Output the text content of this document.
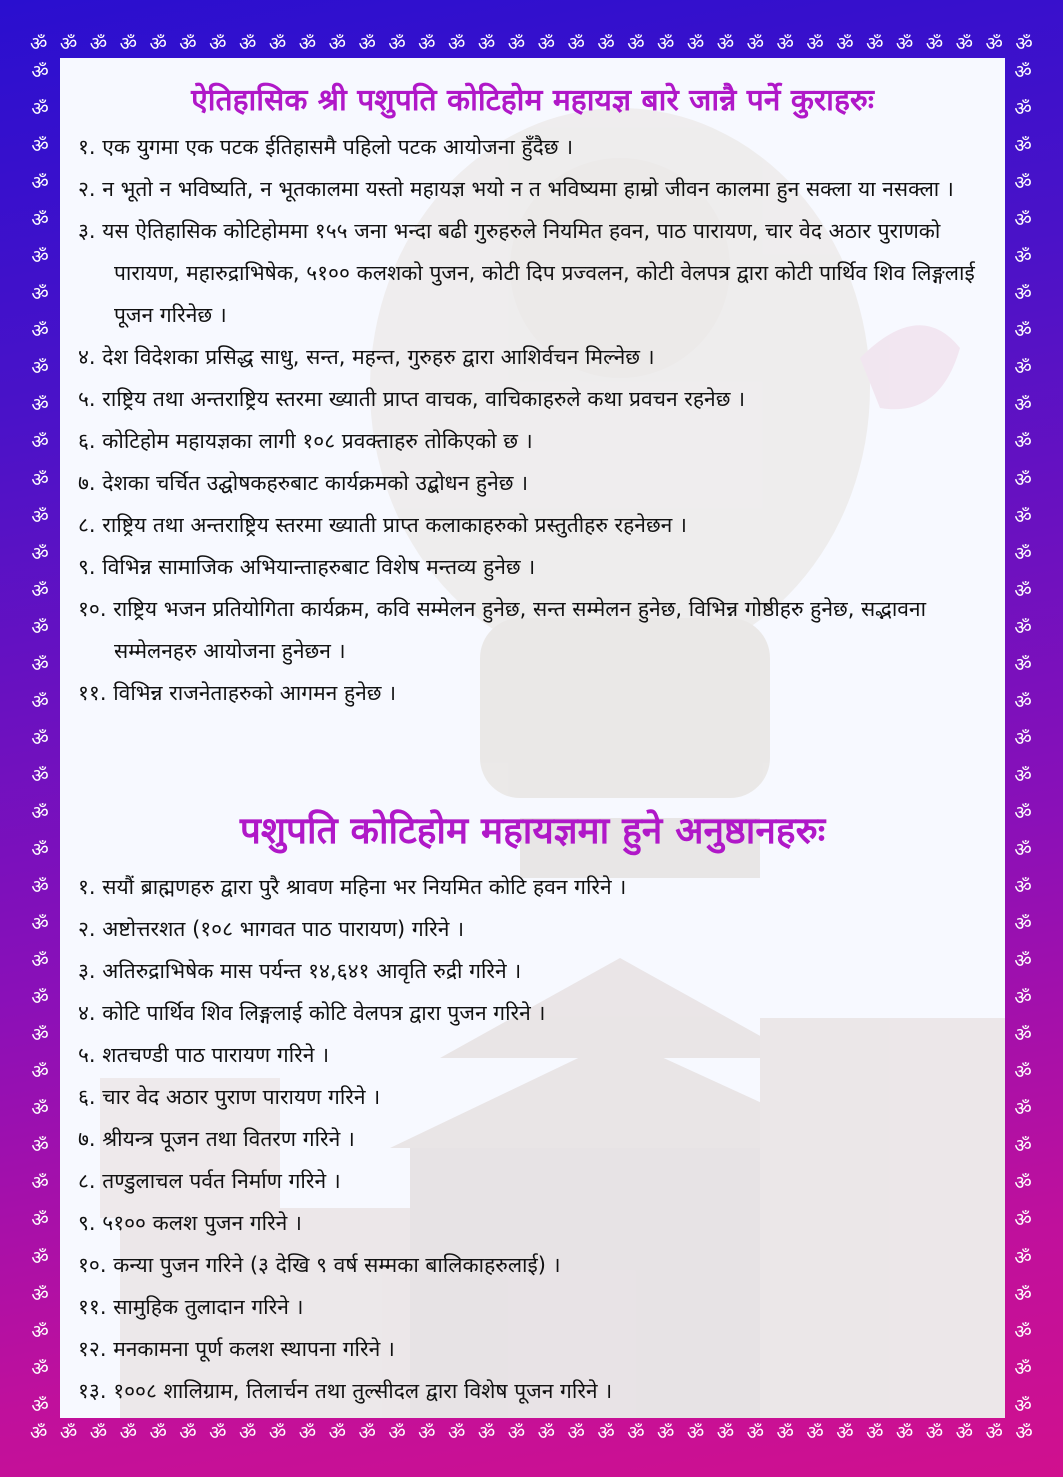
ॐ ॐ ॐ ॐ ॐ ॐ ॐ ॐ ॐ ॐ ॐ ॐ ॐ ॐ ॐ ॐ ॐ ॐ ॐ ॐ ॐ ॐ ॐ ॐ ॐ ॐ ॐ ॐ ॐ ॐ ॐ ॐ ॐ ॐ
ॐ ॐ ॐ ॐ ॐ ॐ ॐ ॐ ॐ ॐ ॐ ॐ ॐ ॐ ॐ ॐ ॐ ॐ ॐ ॐ ॐ ॐ ॐ ॐ ॐ ॐ ॐ ॐ ॐ ॐ ॐ ॐ ॐ ॐ
ॐ
ॐ
ॐ
ॐ
ॐ
ॐ
ॐ
ॐ
ॐ
ॐ
ॐ
ॐ
ॐ
ॐ
ॐ
ॐ
ॐ
ॐ
ॐ
ॐ
ॐ
ॐ
ॐ
ॐ
ॐ
ॐ
ॐ
ॐ
ॐ
ॐ
ॐ
ॐ
ॐ
ॐ
ॐ
ॐ
ॐ
ॐ
ॐ
ॐ
ॐ
ॐ
ॐ
ॐ
ॐ
ॐ
ॐ
ॐ
ॐ
ॐ
ॐ
ॐ
ॐ
ॐ
ॐ
ॐ
ॐ
ॐ
ॐ
ॐ
ॐ
ॐ
ॐ
ॐ
ॐ
ॐ
ॐ
ॐ
ॐ
ॐ
ॐ
ॐ
ॐ
ॐ
ऐतिहासिक श्री पशुपति कोटिहोम महायज्ञ बारे जान्नै पर्ने कुराहरुः
१. एक युगमा एक पटक ईतिहासमै पहिलो पटक आयोजना हुँदैछ ।
२. न भूतो न भविष्यति, न भूतकालमा यस्तो महायज्ञ भयो न त भविष्यमा हाम्रो जीवन कालमा हुन सक्ला या नसक्ला ।
३. यस ऐतिहासिक कोटिहोममा १५५ जना भन्दा बढी गुरुहरुले नियमित हवन, पाठ पारायण, चार वेद अठार पुराणको पारायण, महारुद्राभिषेक, ५१०० कलशको पुजन, कोटी दिप प्रज्वलन, कोटी वेलपत्र द्वारा कोटी पार्थिव शिव लिङ्गलाई पूजन गरिनेछ ।
४. देश विदेशका प्रसिद्ध साधु, सन्त, महन्त, गुरुहरु द्वारा आशिर्वचन मिल्नेछ ।
५. राष्ट्रिय तथा अन्तराष्ट्रिय स्तरमा ख्याती प्राप्त वाचक, वाचिकाहरुले कथा प्रवचन रहनेछ ।
६. कोटिहोम महायज्ञका लागी १०८ प्रवक्ताहरु तोकिएको छ ।
७. देशका चर्चित उद्घोषकहरुबाट कार्यक्रमको उद्बोधन हुनेछ ।
८. राष्ट्रिय तथा अन्तराष्ट्रिय स्तरमा ख्याती प्राप्त कलाकाहरुको प्रस्तुतीहरु रहनेछन ।
९. विभिन्न सामाजिक अभियान्ताहरुबाट विशेष मन्तव्य हुनेछ ।
१०. राष्ट्रिय भजन प्रतियोगिता कार्यक्रम, कवि सम्मेलन हुनेछ, सन्त सम्मेलन हुनेछ, विभिन्न गोष्ठीहरु हुनेछ, सद्भावना सम्मेलनहरु आयोजना हुनेछन ।
११. विभिन्न राजनेताहरुको आगमन हुनेछ ।
पशुपति कोटिहोम महायज्ञमा हुने अनुष्ठानहरुः
१. सयौं ब्राह्मणहरु द्वारा पुरै श्रावण महिना भर नियमित कोटि हवन गरिने ।
२. अष्टोत्तरशत (१०८ भागवत पाठ पारायण) गरिने ।
३. अतिरुद्राभिषेक मास पर्यन्त १४,६४१ आवृति रुद्री गरिने ।
४. कोटि पार्थिव शिव लिङ्गलाई कोटि वेलपत्र द्वारा पुजन गरिने ।
५. शतचण्डी पाठ पारायण गरिने ।
६. चार वेद अठार पुराण पारायण गरिने ।
७. श्रीयन्त्र पूजन तथा वितरण गरिने ।
८. तण्डुलाचल पर्वत निर्माण गरिने ।
९. ५१०० कलश पुजन गरिने ।
१०. कन्या पुजन गरिने (३ देखि ९ वर्ष सम्मका बालिकाहरुलाई) ।
११. सामुहिक तुलादान गरिने ।
१२. मनकामना पूर्ण कलश स्थापना गरिने ।
१३. १००८ शालिग्राम, तिलार्चन तथा तुल्सीदल द्वारा विशेष पूजन गरिने ।
